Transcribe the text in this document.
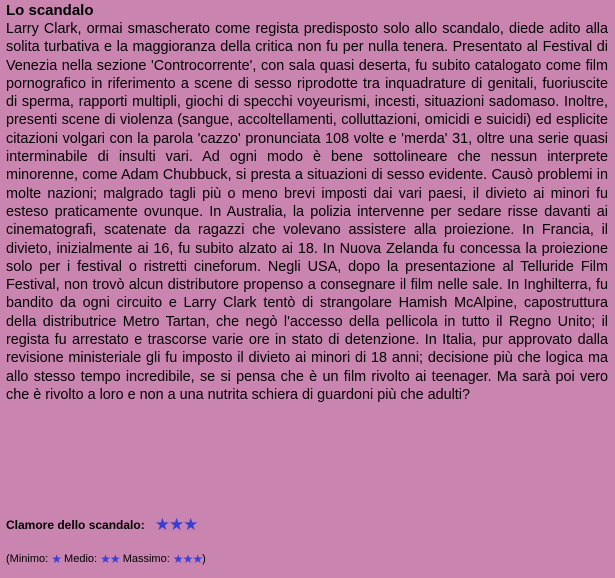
Lo scandalo

Larry Clark, ormai smascherato come regista predisposto solo allo scandalo, diede adito alla solita turbativa e la maggioranza della critica non fu per nulla tenera. Presentato al Festival di Venezia nella sezione 'Controcorrente', con sala quasi deserta, fu subito catalogato come film pornografico in riferimento a scene di sesso riprodotte tra inquadrature di genitali, fuoriuscite di sperma, rapporti multipli, giochi di specchi voyeurismi, incesti, situazioni sadomaso. Inoltre, presenti scene di violenza (sangue, accoltellamenti, colluttazioni, omicidi e suicidi) ed esplicite citazioni volgari con la parola 'cazzo' pronunciata 108 volte e 'merda' 31, oltre una serie quasi interminabile di insulti vari. Ad ogni modo è bene sottolineare che nessun interprete minorenne, come Adam Chubbuck, si presta a situazioni di sesso evidente. Causò problemi in molte nazioni; malgrado tagli più o meno brevi imposti dai vari paesi, il divieto ai minori fu esteso praticamente ovunque. In Australia, la polizia intervenne per sedare risse davanti ai cinematografi, scatenate da ragazzi che volevano assistere alla proiezione. In Francia, il divieto, inizialmente ai 16, fu subito alzato ai 18. In Nuova Zelanda fu concessa la proiezione solo per i festival o ristretti cineforum. Negli USA, dopo la presentazione al Telluride Film Festival, non trovò alcun distributore propenso a consegnare il film nelle sale. In Inghilterra, fu bandito da ogni circuito e Larry Clark tentò di strangolare Hamish McAlpine, capostruttura della distributrice Metro Tartan, che negò l'accesso della pellicola in tutto il Regno Unito; il regista fu arrestato e trascorse varie ore in stato di detenzione. In Italia, pur approvato dalla revisione ministeriale gli fu imposto il divieto ai minori di 18 anni; decisione più che logica ma allo stesso tempo incredibile, se si pensa che è un film rivolto ai teenager. Ma sarà poi vero che è rivolto a loro e non a una nutrita schiera di guardoni più che adulti?

Clamore dello scandalo: ★★★
(Minimo: ★ Medio: ★★ Massimo: ★★★ )
